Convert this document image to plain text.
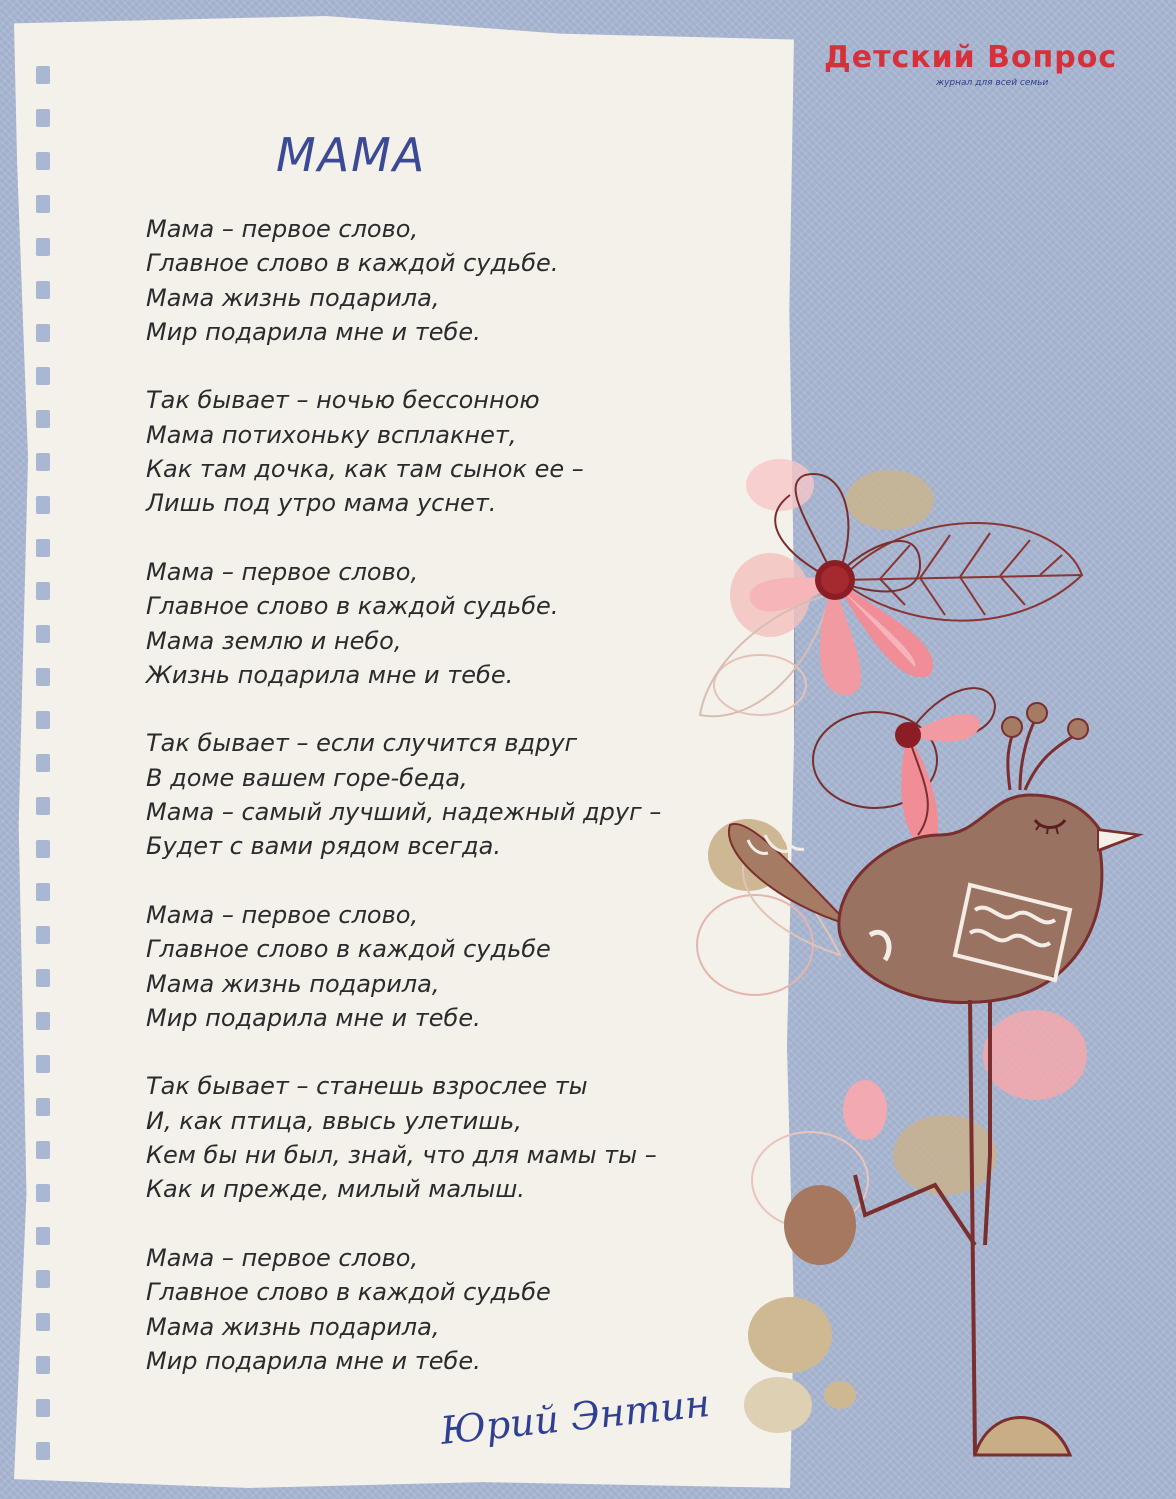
Детский Вопрос
журнал для всей семьи
МАМА
Мама – первое слово,
Главное слово в каждой судьбе.
Мама жизнь подарила,
Мир подарила мне и тебе.
Так бывает – ночью бессонною
Мама потихоньку всплакнет,
Как там дочка, как там сынок ее –
Лишь под утро мама уснет.
Мама – первое слово,
Главное слово в каждой судьбе.
Мама землю и небо,
Жизнь подарила мне и тебе.
Так бывает – если случится вдруг
В доме вашем горе-беда,
Мама – самый лучший, надежный друг –
Будет с вами рядом всегда.
Мама – первое слово,
Главное слово в каждой судьбе
Мама жизнь подарила,
Мир подарила мне и тебе.
Так бывает – станешь взрослее ты
И, как птица, ввысь улетишь,
Кем бы ни был, знай, что для мамы ты –
Как и прежде, милый малыш.
Мама – первое слово,
Главное слово в каждой судьбе
Мама жизнь подарила,
Мир подарила мне и тебе.
Юрий Энтин
